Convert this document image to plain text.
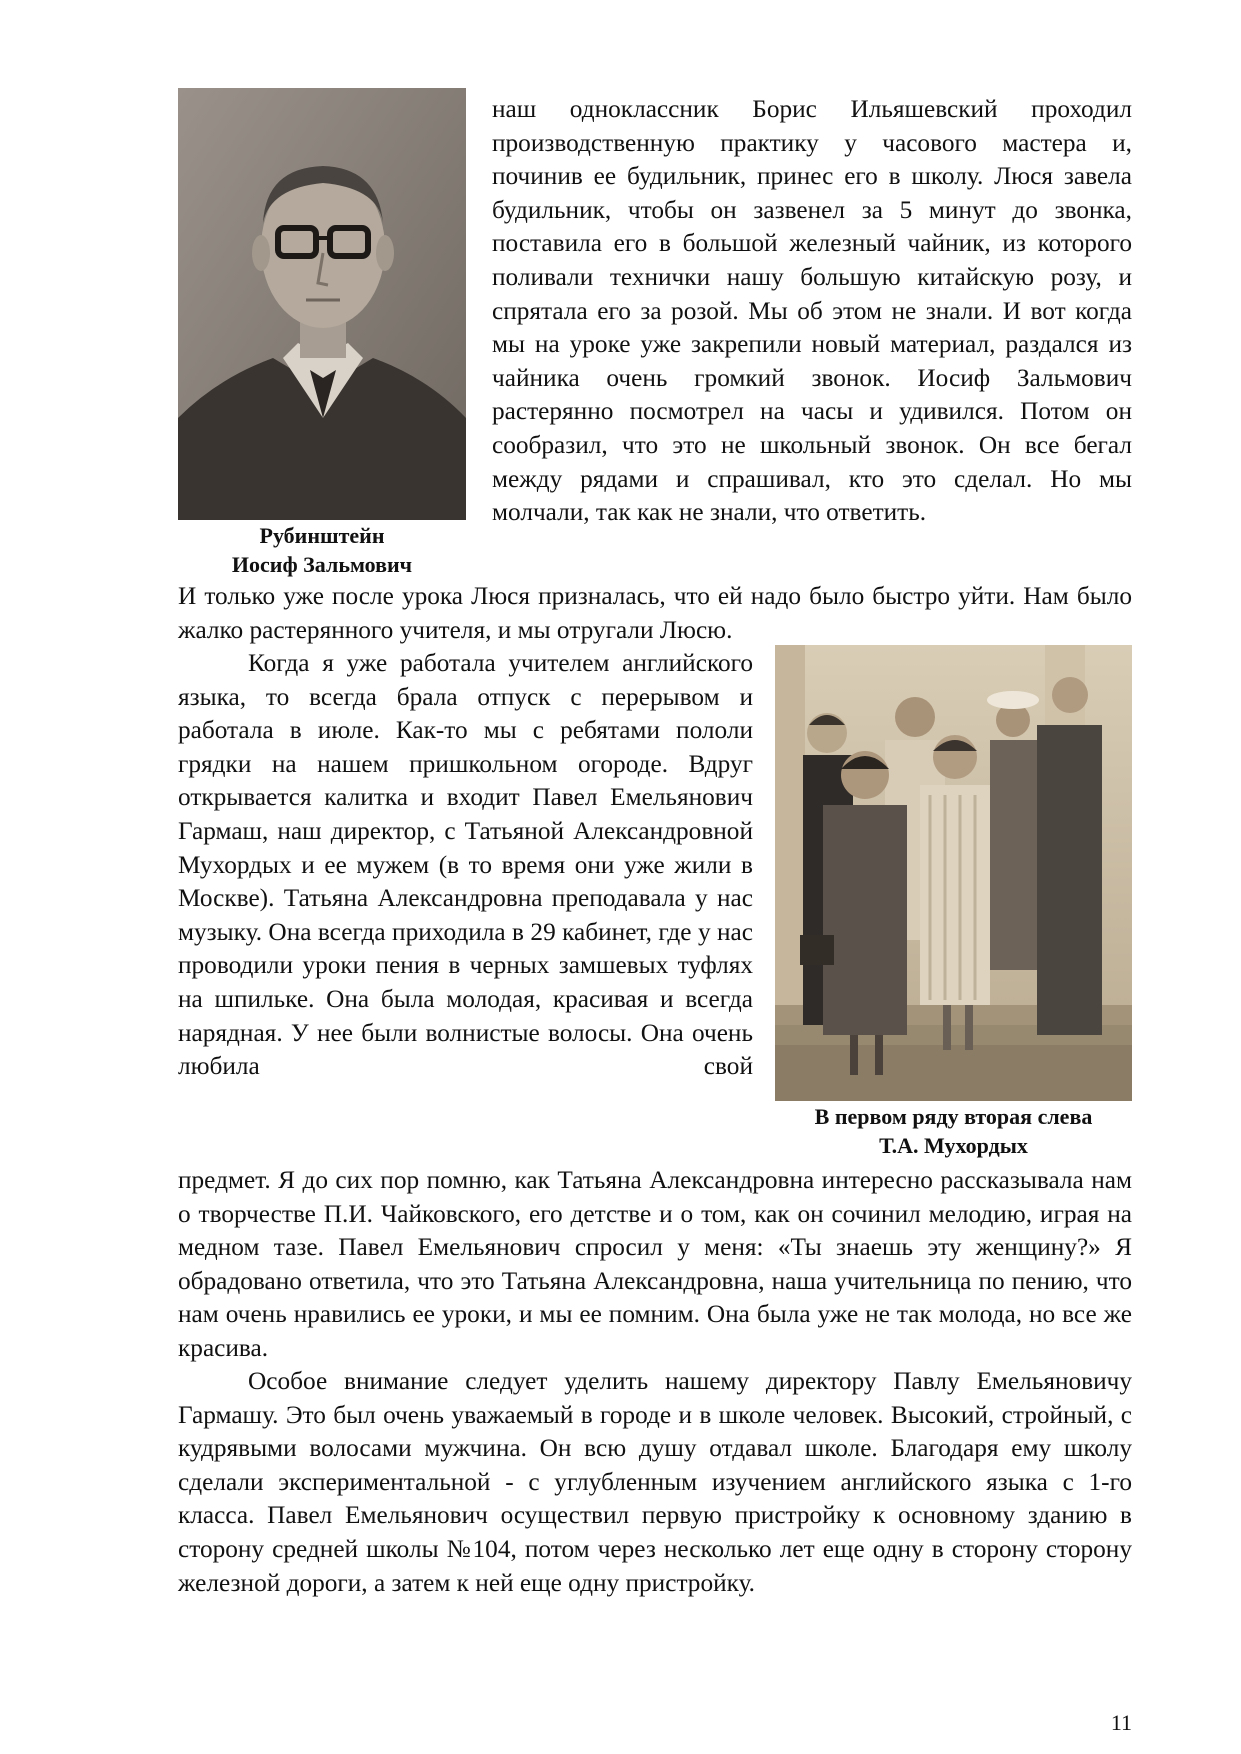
Рубинштейн
Иосиф Зальмович

наш одноклассник Борис Ильяшевский проходил производственную практику у часового мастера и, починив ее будильник, принес его в школу. Люся завела будильник, чтобы он зазвенел за 5 минут до звонка, поставила его в большой железный чайник, из которого поливали технички нашу большую китайскую розу, и спрятала его за розой. Мы об этом не знали. И вот когда мы на уроке уже закрепили новый материал, раздался из чайника очень громкий звонок. Иосиф Зальмович растерянно посмотрел на часы и удивился. Потом он сообразил, что это не школьный звонок. Он все бегал между рядами и спрашивал, кто это сделал. Но мы молчали, так как не знали, что ответить.

И только уже после урока Люся призналась, что ей надо было быстро уйти. Нам было жалко растерянного учителя, и мы отругали Люсю.

Когда я уже работала учителем английского языка, то всегда брала отпуск с перерывом и работала в июле. Как-то мы с ребятами пололи грядки на нашем пришкольном огороде. Вдруг открывается калитка и входит Павел Емельянович Гармаш, наш директор, с Татьяной Александровной Мухордых и ее мужем (в то время они уже жили в Москве). Татьяна Александровна преподавала у нас музыку. Она всегда приходила в 29 кабинет, где у нас проводили уроки пения в черных замшевых туфлях на шпильке. Она была молодая, красивая и всегда нарядная. У нее были волнистые волосы. Она очень любила свой

В первом ряду вторая слева
Т.А. Мухордых

предмет. Я до сих пор помню, как Татьяна Александровна интересно рассказывала нам о творчестве П.И. Чайковского, его детстве и о том, как он сочинил мелодию, играя на медном тазе. Павел Емельянович спросил у меня: «Ты знаешь эту женщину?» Я обрадовано ответила, что это Татьяна Александровна, наша учительница по пению, что нам очень нравились ее уроки, и мы ее помним. Она была уже не так молода, но все же красива.

Особое внимание следует уделить нашему директору Павлу Емельяновичу Гармашу. Это был очень уважаемый в городе и в школе человек. Высокий, стройный, с кудрявыми волосами мужчина. Он всю душу отдавал школе. Благодаря ему школу сделали экспериментальной - с углубленным изучением английского языка с 1-го класса. Павел Емельянович осуществил первую пристройку к основному зданию в сторону средней школы №104, потом через несколько лет еще одну в сторону сторону железной дороги, а затем к ней еще одну пристройку.

11
